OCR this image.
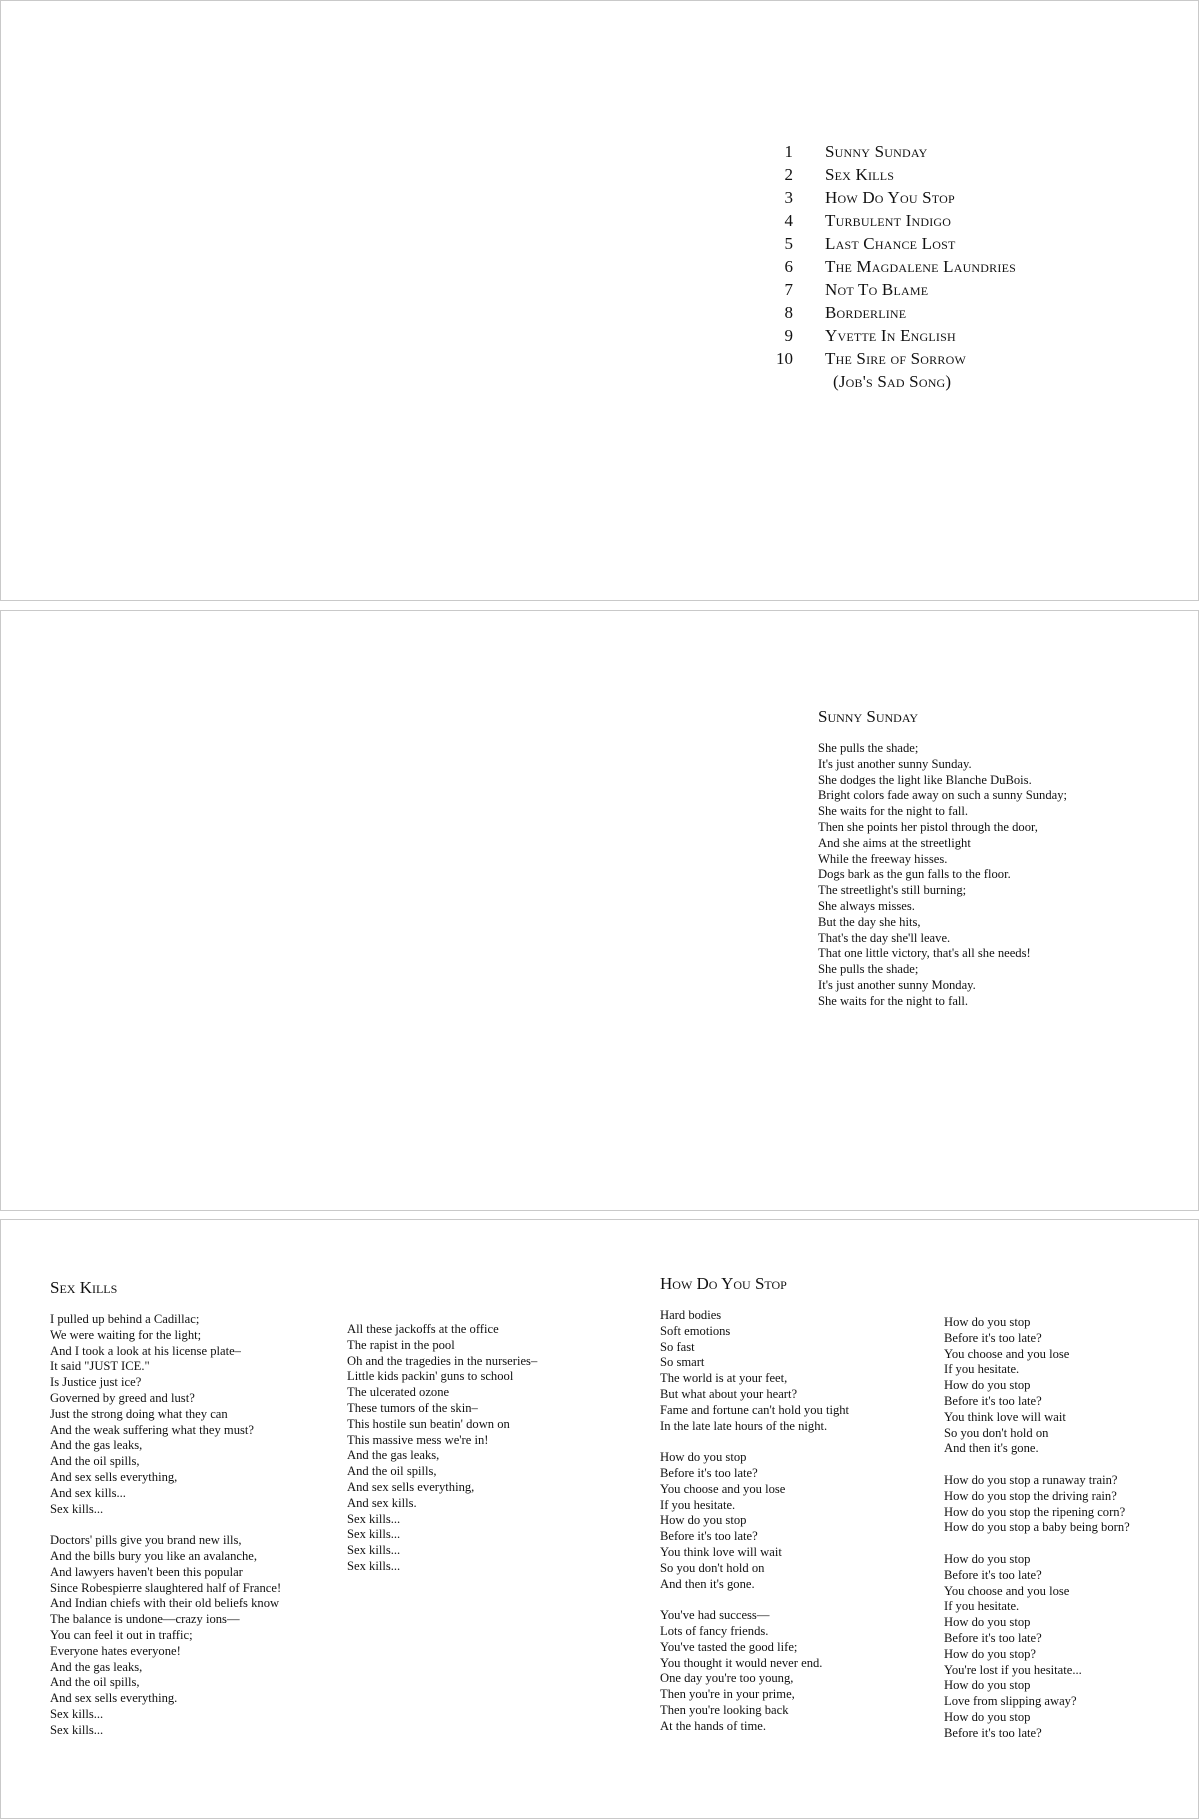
1	Sunny Sunday
2	Sex Kills
3	How Do You Stop
4	Turbulent Indigo
5	Last Chance Lost
6	The Magdalene Laundries
7	Not To Blame
8	Borderline
9	Yvette In English
10	The Sire of Sorrow
(Job's Sad Song)
Sunny Sunday
She pulls the shade;
It's just another sunny Sunday.
She dodges the light like Blanche DuBois.
Bright colors fade away on such a sunny Sunday;
She waits for the night to fall.
Then she points her pistol through the door,
And she aims at the streetlight
While the freeway hisses.
Dogs bark as the gun falls to the floor.
The streetlight's still burning;
She always misses.
But the day she hits,
That's the day she'll leave.
That one little victory, that's all she needs!
She pulls the shade;
It's just another sunny Monday.
She waits for the night to fall.
Sex Kills
I pulled up behind a Cadillac;
We were waiting for the light;
And I took a look at his license plate–
It said "JUST ICE."
Is Justice just ice?
Governed by greed and lust?
Just the strong doing what they can
And the weak suffering what they must?
And the gas leaks,
And the oil spills,
And sex sells everything,
And sex kills...
Sex kills...
Doctors' pills give you brand new ills,
And the bills bury you like an avalanche,
And lawyers haven't been this popular
Since Robespierre slaughtered half of France!
And Indian chiefs with their old beliefs know
The balance is undone—crazy ions—
You can feel it out in traffic;
Everyone hates everyone!
And the gas leaks,
And the oil spills,
And sex sells everything.
Sex kills...
Sex kills...
All these jackoffs at the office
The rapist in the pool
Oh and the tragedies in the nurseries–
Little kids packin' guns to school
The ulcerated ozone
These tumors of the skin–
This hostile sun beatin' down on
This massive mess we're in!
And the gas leaks,
And the oil spills,
And sex sells everything,
And sex kills.
Sex kills...
Sex kills...
Sex kills...
Sex kills...
How Do You Stop
Hard bodies
Soft emotions
So fast
So smart
The world is at your feet,
But what about your heart?
Fame and fortune can't hold you tight
In the late late hours of the night.
How do you stop
Before it's too late?
You choose and you lose
If you hesitate.
How do you stop
Before it's too late?
You think love will wait
So you don't hold on
And then it's gone.
You've had success—
Lots of fancy friends.
You've tasted the good life;
You thought it would never end.
One day you're too young,
Then you're in your prime,
Then you're looking back
At the hands of time.
How do you stop
Before it's too late?
You choose and you lose
If you hesitate.
How do you stop
Before it's too late?
You think love will wait
So you don't hold on
And then it's gone.
How do you stop a runaway train?
How do you stop the driving rain?
How do you stop the ripening corn?
How do you stop a baby being born?
How do you stop
Before it's too late?
You choose and you lose
If you hesitate.
How do you stop
Before it's too late?
How do you stop?
You're lost if you hesitate...
How do you stop
Love from slipping away?
How do you stop
Before it's too late?
